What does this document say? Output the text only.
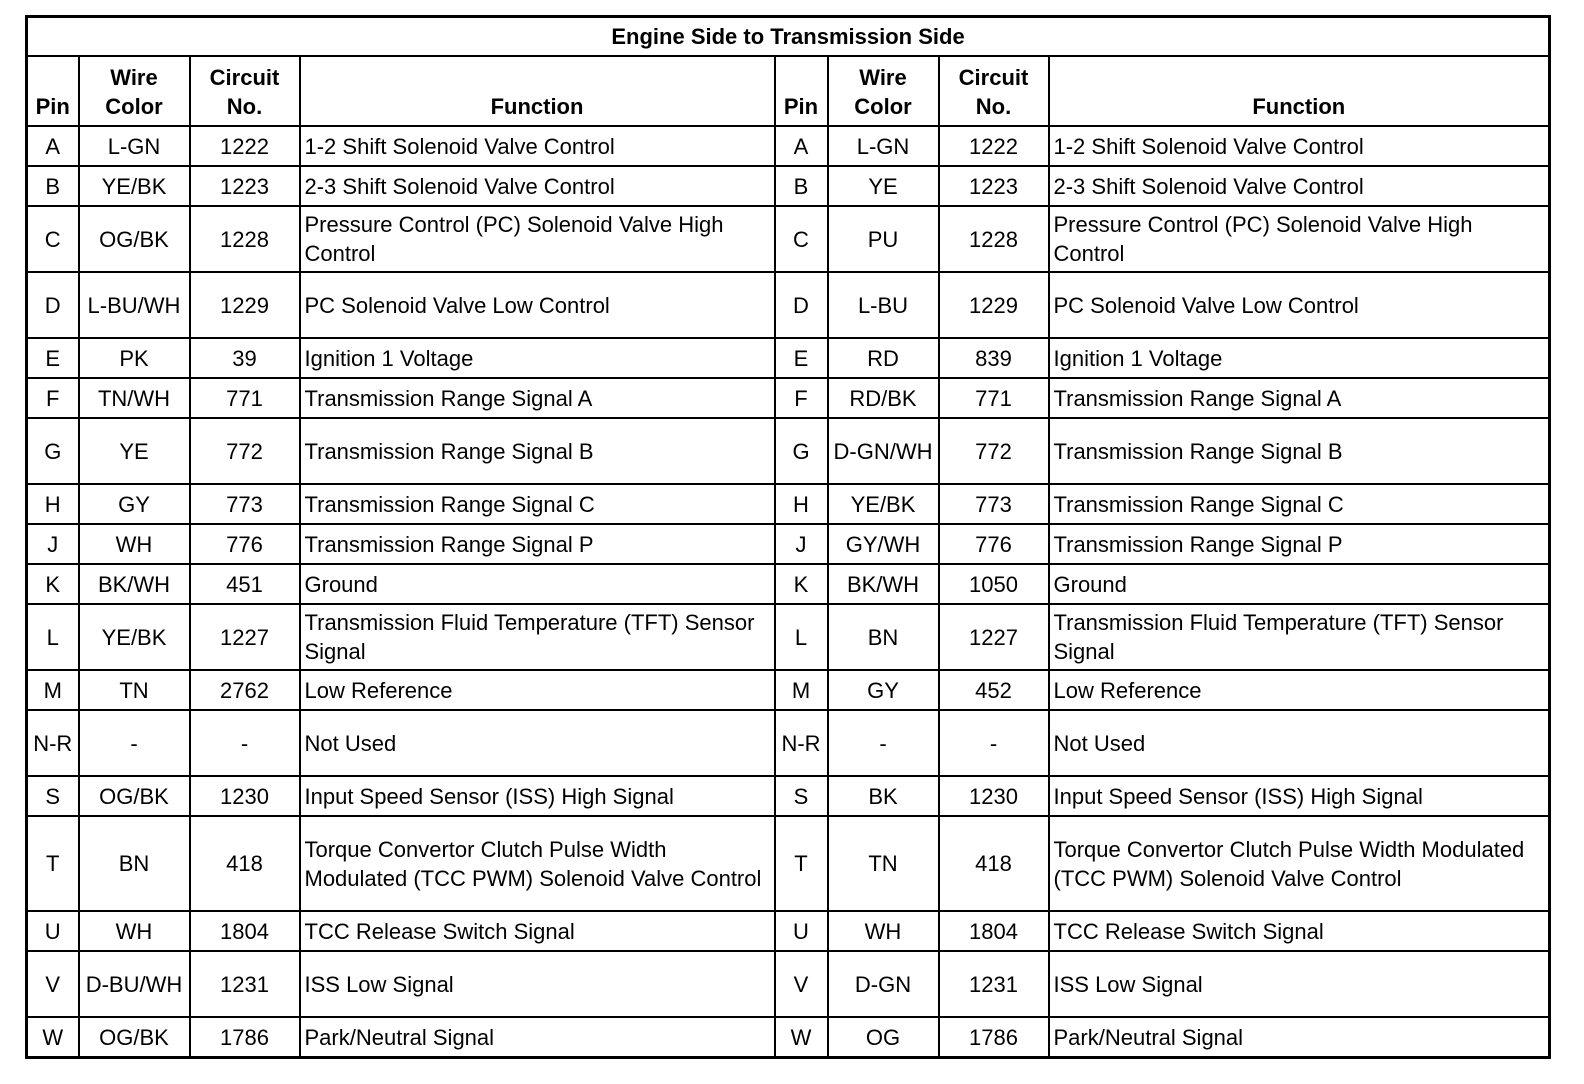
Engine Side to Transmission Side							
Pin	Wire Color	Circuit No.	Function	Pin	Wire Color	Circuit No.	Function
A	L-GN	1222	1-2 Shift Solenoid Valve Control	A	L-GN	1222	1-2 Shift Solenoid Valve Control
B	YE/BK	1223	2-3 Shift Solenoid Valve Control	B	YE	1223	2-3 Shift Solenoid Valve Control
C	OG/BK	1228	Pressure Control (PC) Solenoid Valve High Control	C	PU	1228	Pressure Control (PC) Solenoid Valve High Control
D	L-BU/WH	1229	PC Solenoid Valve Low Control	D	L-BU	1229	PC Solenoid Valve Low Control
E	PK	39	Ignition 1 Voltage	E	RD	839	Ignition 1 Voltage
F	TN/WH	771	Transmission Range Signal A	F	RD/BK	771	Transmission Range Signal A
G	YE	772	Transmission Range Signal B	G	D-GN/WH	772	Transmission Range Signal B
H	GY	773	Transmission Range Signal C	H	YE/BK	773	Transmission Range Signal C
J	WH	776	Transmission Range Signal P	J	GY/WH	776	Transmission Range Signal P
K	BK/WH	451	Ground	K	BK/WH	1050	Ground
L	YE/BK	1227	Transmission Fluid Temperature (TFT) Sensor Signal	L	BN	1227	Transmission Fluid Temperature (TFT) Sensor Signal
M	TN	2762	Low Reference	M	GY	452	Low Reference
N-R	-	-	Not Used	N-R	-	-	Not Used
S	OG/BK	1230	Input Speed Sensor (ISS) High Signal	S	BK	1230	Input Speed Sensor (ISS) High Signal
T	BN	418	Torque Convertor Clutch Pulse Width Modulated (TCC PWM) Solenoid Valve Control	T	TN	418	Torque Convertor Clutch Pulse Width Modulated (TCC PWM) Solenoid Valve Control
U	WH	1804	TCC Release Switch Signal	U	WH	1804	TCC Release Switch Signal
V	D-BU/WH	1231	ISS Low Signal	V	D-GN	1231	ISS Low Signal
W	OG/BK	1786	Park/Neutral Signal	W	OG	1786	Park/Neutral Signal
